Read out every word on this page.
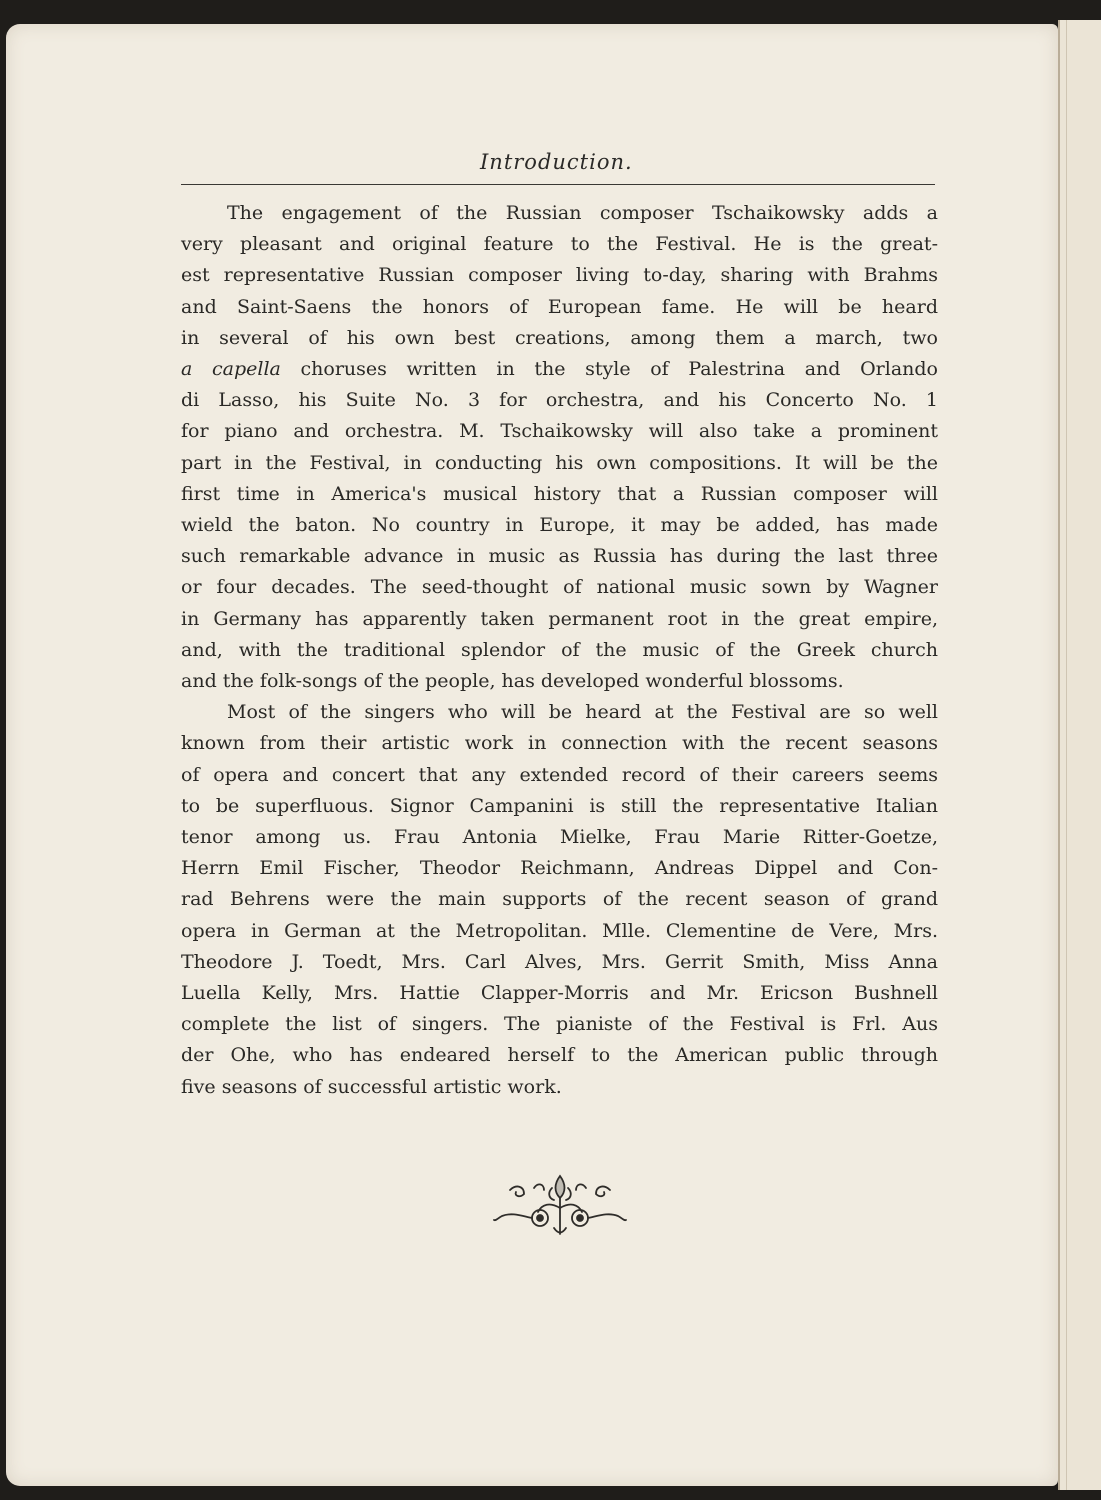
Introduction.
The engagement of the Russian composer Tschaikowsky adds a
very pleasant and original feature to the Festival. He is the great-
est representative Russian composer living to-day, sharing with Brahms
and Saint-Saens the honors of European fame. He will be heard
in several of his own best creations, among them a march, two
a capella choruses written in the style of Palestrina and Orlando
di Lasso, his Suite No. 3 for orchestra, and his Concerto No. 1
for piano and orchestra. M. Tschaikowsky will also take a prominent
part in the Festival, in conducting his own compositions. It will be the
first time in America's musical history that a Russian composer will
wield the baton. No country in Europe, it may be added, has made
such remarkable advance in music as Russia has during the last three
or four decades. The seed-thought of national music sown by Wagner
in Germany has apparently taken permanent root in the great empire,
and, with the traditional splendor of the music of the Greek church
and the folk-songs of the people, has developed wonderful blossoms.
Most of the singers who will be heard at the Festival are so well
known from their artistic work in connection with the recent seasons
of opera and concert that any extended record of their careers seems
to be superfluous. Signor Campanini is still the representative Italian
tenor among us. Frau Antonia Mielke, Frau Marie Ritter-Goetze,
Herrn Emil Fischer, Theodor Reichmann, Andreas Dippel and Con-
rad Behrens were the main supports of the recent season of grand
opera in German at the Metropolitan. Mlle. Clementine de Vere, Mrs.
Theodore J. Toedt, Mrs. Carl Alves, Mrs. Gerrit Smith, Miss Anna
Luella Kelly, Mrs. Hattie Clapper-Morris and Mr. Ericson Bushnell
complete the list of singers. The pianiste of the Festival is Frl. Aus
der Ohe, who has endeared herself to the American public through
five seasons of successful artistic work.
